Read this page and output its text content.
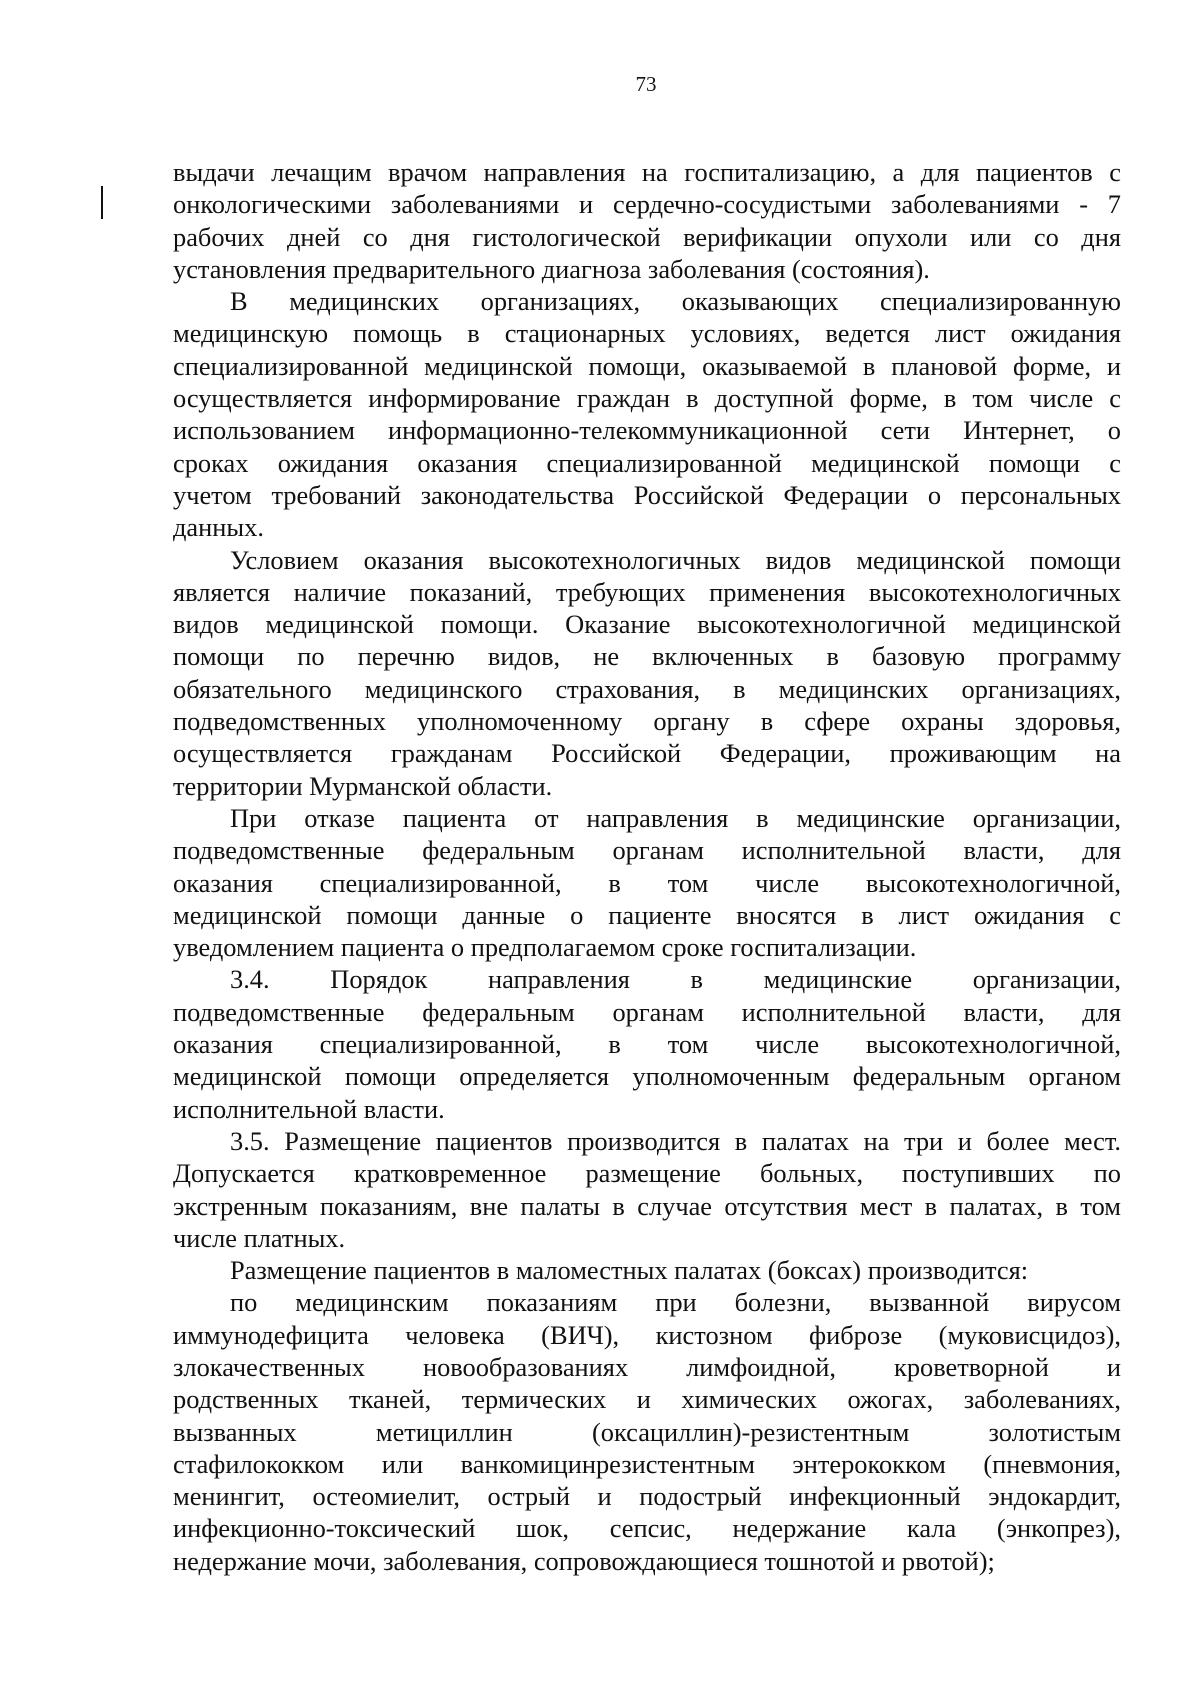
73
выдачи лечащим врачом направления на госпитализацию, а для пациентов с
онкологическими заболеваниями и сердечно-сосудистыми заболеваниями - 7
рабочих дней со дня гистологической верификации опухоли или со дня
установления предварительного диагноза заболевания (состояния).
В медицинских организациях, оказывающих специализированную
медицинскую помощь в стационарных условиях, ведется лист ожидания
специализированной медицинской помощи, оказываемой в плановой форме, и
осуществляется информирование граждан в доступной форме, в том числе с
использованием информационно-телекоммуникационной сети Интернет, о
сроках ожидания оказания специализированной медицинской помощи с
учетом требований законодательства Российской Федерации о персональных
данных.
Условием оказания высокотехнологичных видов медицинской помощи
является наличие показаний, требующих применения высокотехнологичных
видов медицинской помощи. Оказание высокотехнологичной медицинской
помощи по перечню видов, не включенных в базовую программу
обязательного медицинского страхования, в медицинских организациях,
подведомственных уполномоченному органу в сфере охраны здоровья,
осуществляется гражданам Российской Федерации, проживающим на
территории Мурманской области.
При отказе пациента от направления в медицинские организации,
подведомственные федеральным органам исполнительной власти, для
оказания специализированной, в том числе высокотехнологичной,
медицинской помощи данные о пациенте вносятся в лист ожидания с
уведомлением пациента о предполагаемом сроке госпитализации.
3.4. Порядок направления в медицинские организации,
подведомственные федеральным органам исполнительной власти, для
оказания специализированной, в том числе высокотехнологичной,
медицинской помощи определяется уполномоченным федеральным органом
исполнительной власти.
3.5. Размещение пациентов производится в палатах на три и более мест.
Допускается кратковременное размещение больных, поступивших по
экстренным показаниям, вне палаты в случае отсутствия мест в палатах, в том
числе платных.
Размещение пациентов в маломестных палатах (боксах) производится:
по медицинским показаниям при болезни, вызванной вирусом
иммунодефицита человека (ВИЧ), кистозном фиброзе (муковисцидоз),
злокачественных новообразованиях лимфоидной, кроветворной и
родственных тканей, термических и химических ожогах, заболеваниях,
вызванных метициллин (оксациллин)-резистентным золотистым
стафилококком или ванкомицинрезистентным энтерококком (пневмония,
менингит, остеомиелит, острый и подострый инфекционный эндокардит,
инфекционно-токсический шок, сепсис, недержание кала (энкопрез),
недержание мочи, заболевания, сопровождающиеся тошнотой и рвотой);
